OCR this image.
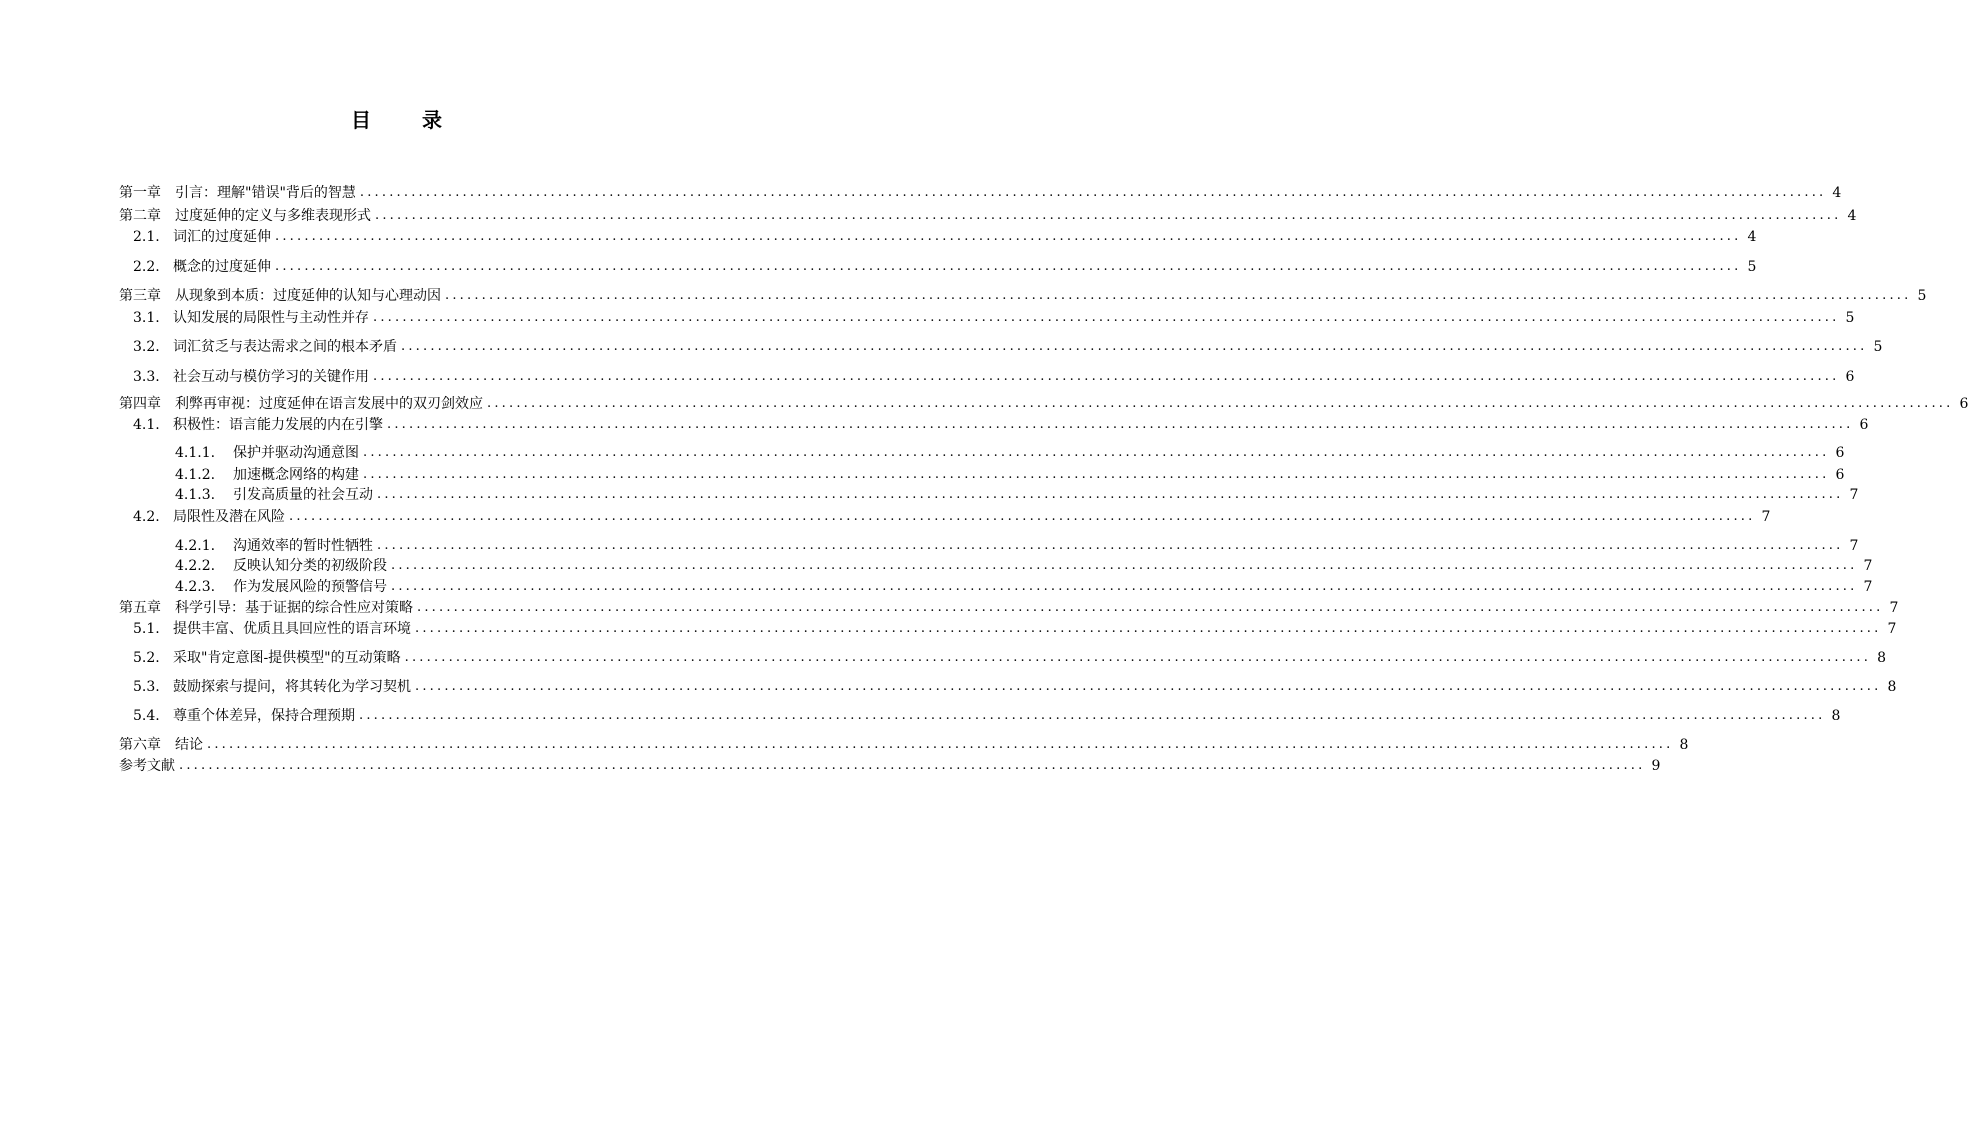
目 录
第一章 引言：理解"错误"背后的智慧 ........................................................................................................................................................................................................ 4
第二章 过度延伸的定义与多维表现形式 ........................................................................................................................................................................................................ 4
2.1. 词汇的过度延伸 ........................................................................................................................................................................................................ 4
2.2. 概念的过度延伸 ........................................................................................................................................................................................................ 5
第三章 从现象到本质：过度延伸的认知与心理动因 ........................................................................................................................................................................................................ 5
3.1. 认知发展的局限性与主动性并存 ........................................................................................................................................................................................................ 5
3.2. 词汇贫乏与表达需求之间的根本矛盾 ........................................................................................................................................................................................................ 5
3.3. 社会互动与模仿学习的关键作用 ........................................................................................................................................................................................................ 6
第四章 利弊再审视：过度延伸在语言发展中的双刃剑效应 ........................................................................................................................................................................................................ 6
4.1. 积极性：语言能力发展的内在引擎 ........................................................................................................................................................................................................ 6
4.1.1. 保护并驱动沟通意图 ........................................................................................................................................................................................................ 6
4.1.2. 加速概念网络的构建 ........................................................................................................................................................................................................ 6
4.1.3. 引发高质量的社会互动 ........................................................................................................................................................................................................ 7
4.2. 局限性及潜在风险 ........................................................................................................................................................................................................ 7
4.2.1. 沟通效率的暂时性牺牲 ........................................................................................................................................................................................................ 7
4.2.2. 反映认知分类的初级阶段 ........................................................................................................................................................................................................ 7
4.2.3. 作为发展风险的预警信号 ........................................................................................................................................................................................................ 7
第五章 科学引导：基于证据的综合性应对策略 ........................................................................................................................................................................................................ 7
5.1. 提供丰富、优质且具回应性的语言环境 ........................................................................................................................................................................................................ 7
5.2. 采取"肯定意图-提供模型"的互动策略 ........................................................................................................................................................................................................ 8
5.3. 鼓励探索与提问，将其转化为学习契机 ........................................................................................................................................................................................................ 8
5.4. 尊重个体差异，保持合理预期 ........................................................................................................................................................................................................ 8
第六章 结论 ........................................................................................................................................................................................................ 8
参考文献 ........................................................................................................................................................................................................ 9
